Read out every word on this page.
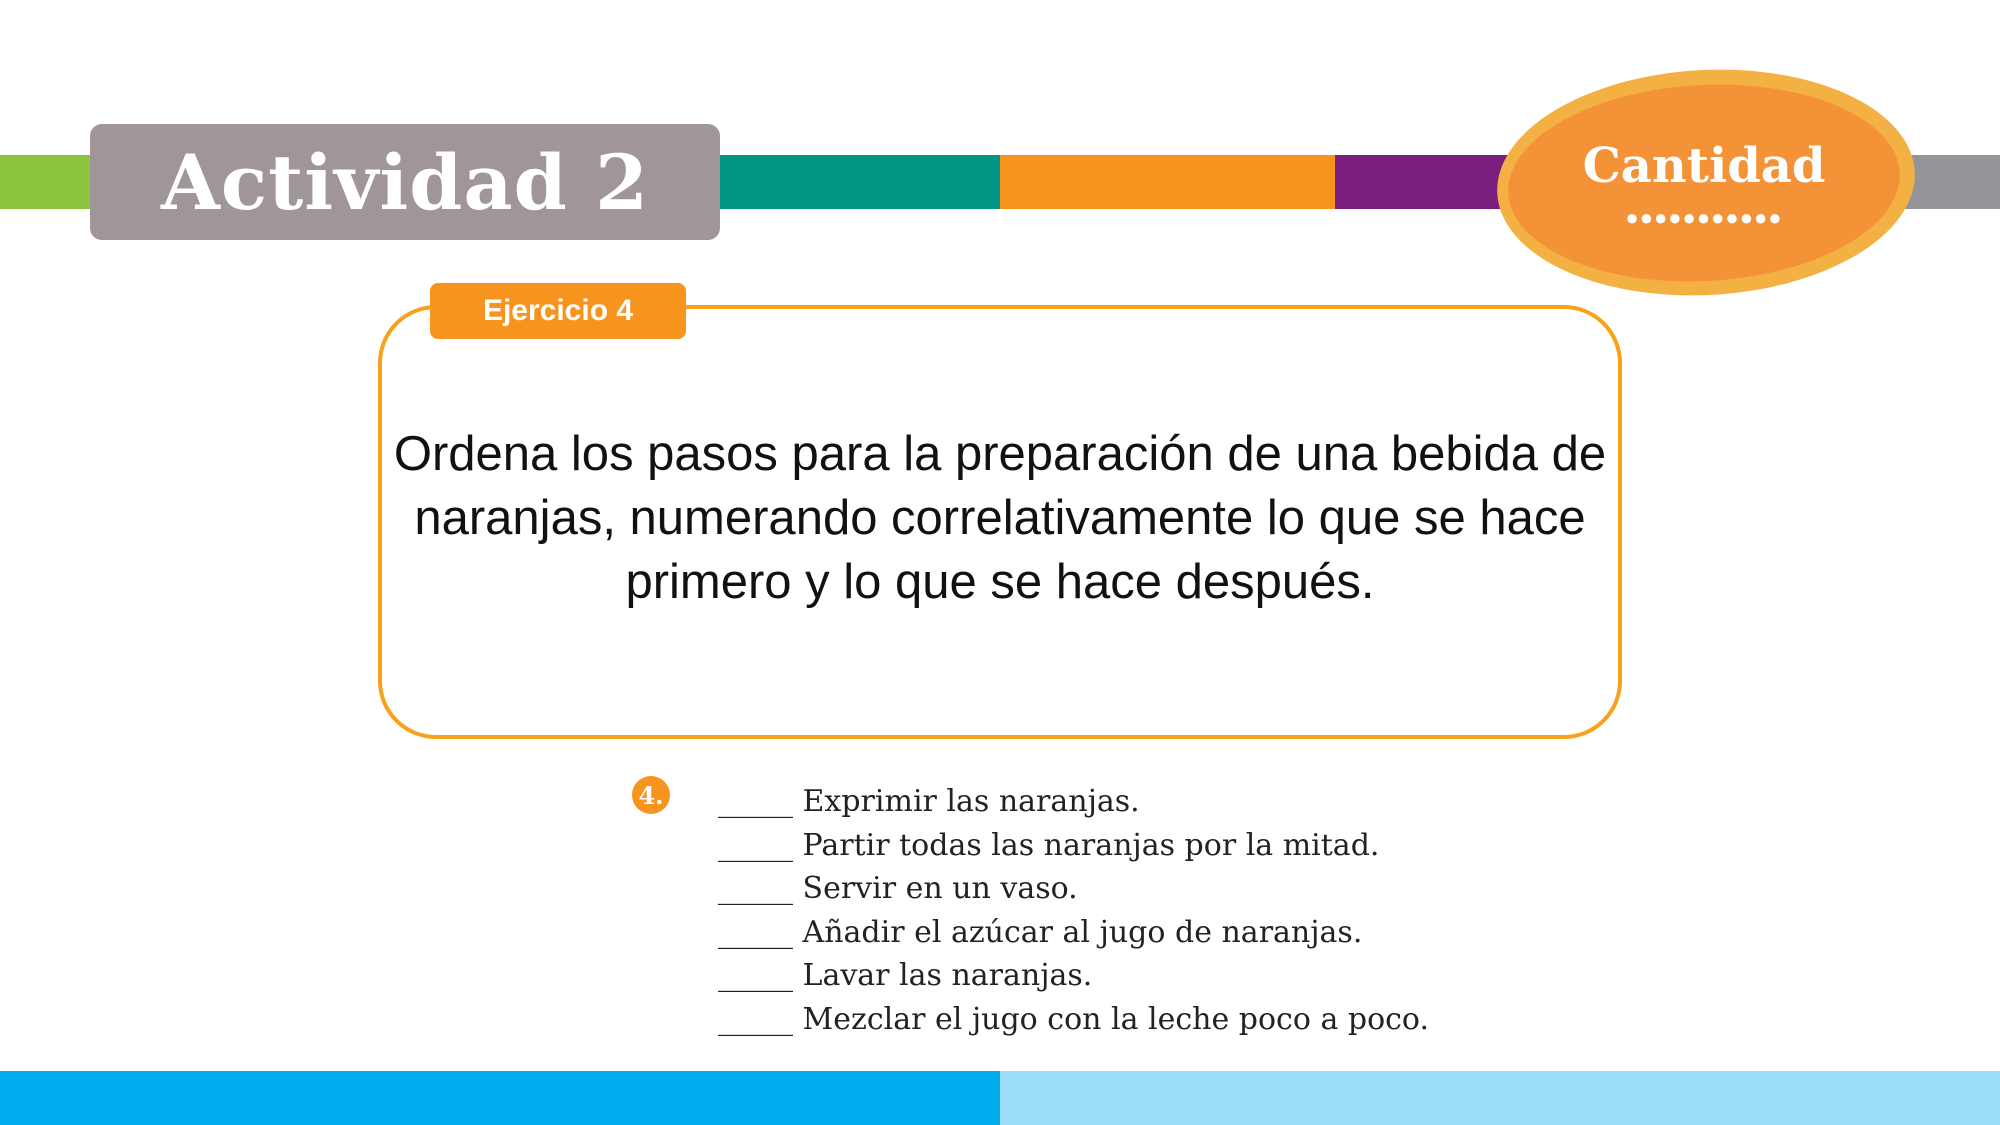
Actividad 2	Cantidad
●●●●●●●●●●●
Ejercicio 4
Ordena los pasos para la preparación de una bebida de naranjas, numerando correlativamente lo que se hace primero y lo que se hace después.
4. _____ Exprimir las naranjas.
_____ Partir todas las naranjas por la mitad.
_____ Servir en un vaso.
_____ Añadir el azúcar al jugo de naranjas.
_____ Lavar las naranjas.
_____ Mezclar el jugo con la leche poco a poco.
